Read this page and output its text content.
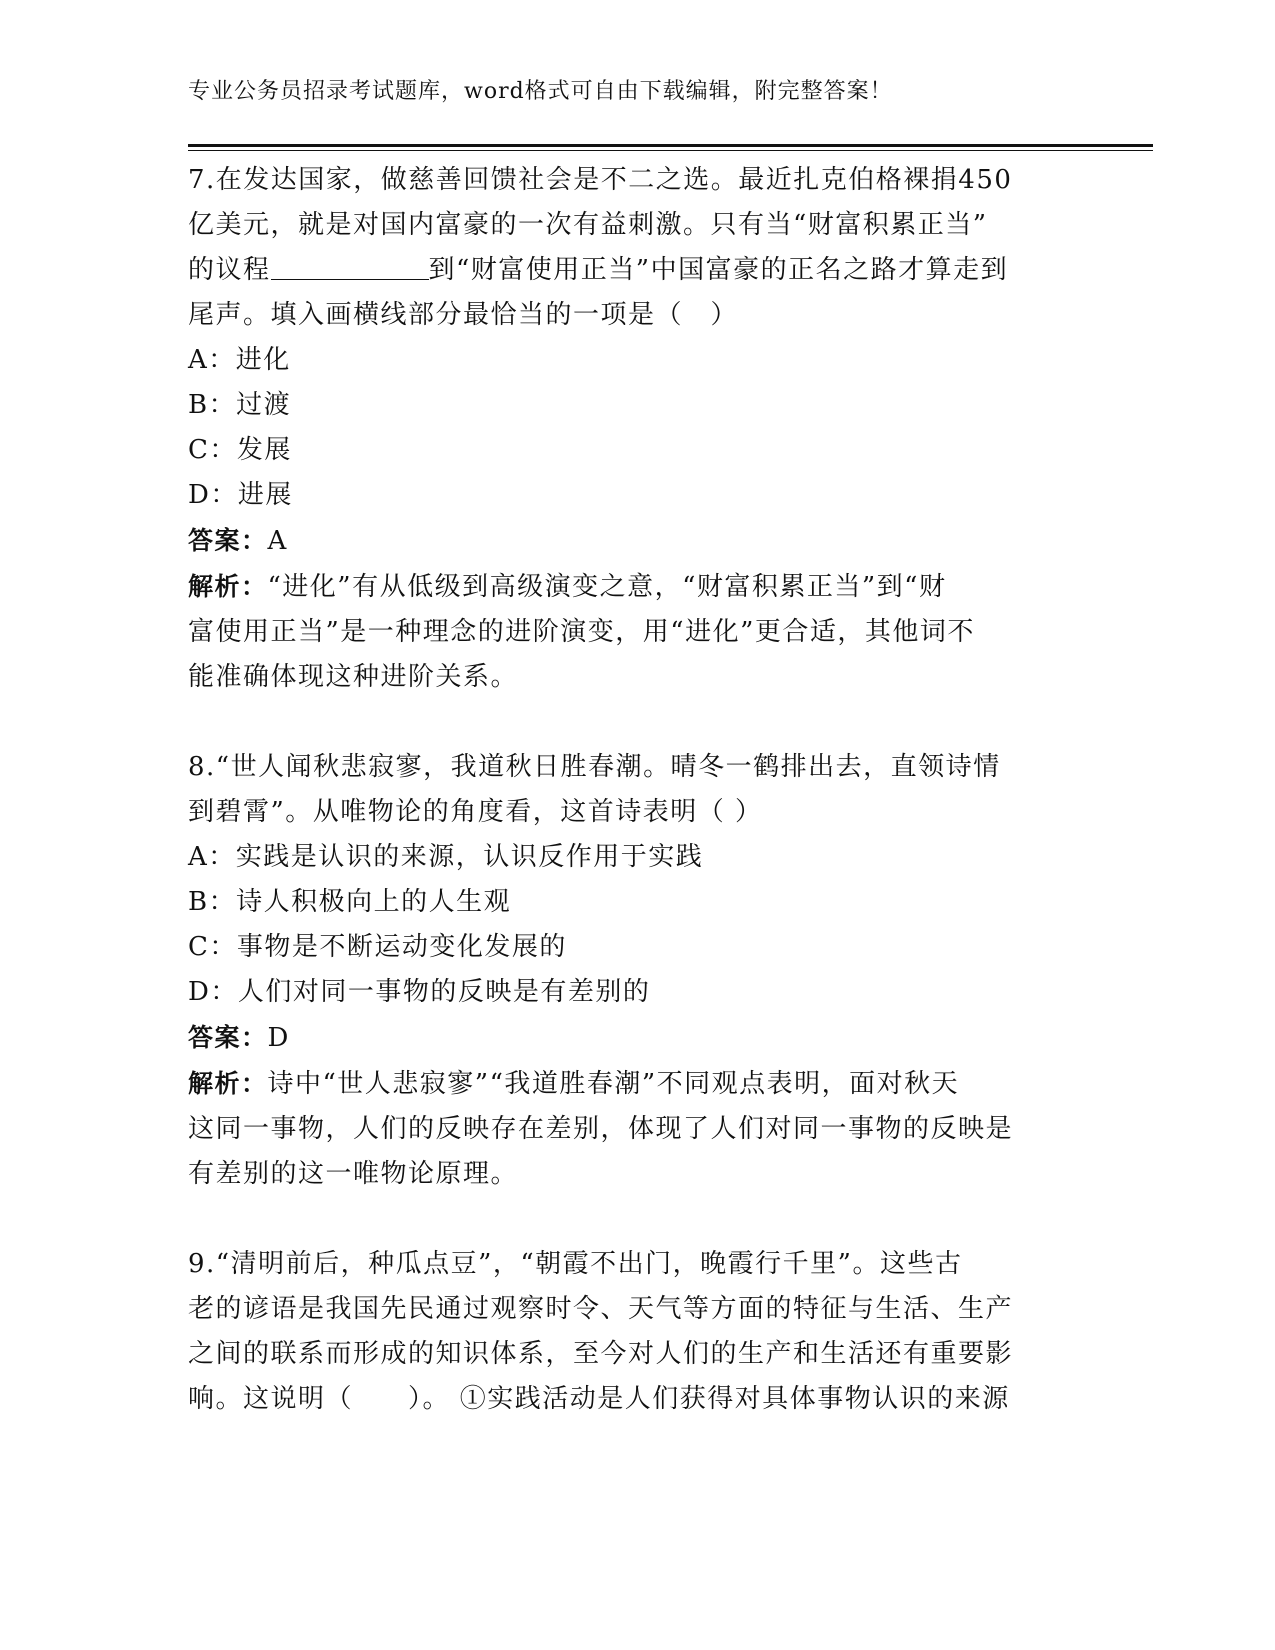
专业公务员招录考试题库，word格式可自由下载编辑，附完整答案！
7.在发达国家，做慈善回馈社会是不二之选。最近扎克伯格裸捐450
亿美元，就是对国内富豪的一次有益刺激。只有当“财富积累正当”
的议程	到“财富使用正当”中国富豪的正名之路才算走到
尾声。填入画横线部分最恰当的一项是（　）
A：进化
B：过渡
C：发展
D：进展
答案：A
解析：“进化”有从低级到高级演变之意，“财富积累正当”到“财
富使用正当”是一种理念的进阶演变，用“进化”更合适，其他词不
能准确体现这种进阶关系。
8.“世人闻秋悲寂寥，我道秋日胜春潮。晴冬一鹤排出去，直领诗情
到碧霄”。从唯物论的角度看，这首诗表明（ ）
A：实践是认识的来源，认识反作用于实践
B：诗人积极向上的人生观
C：事物是不断运动变化发展的
D：人们对同一事物的反映是有差别的
答案：D
解析：诗中“世人悲寂寥”“我道胜春潮”不同观点表明，面对秋天
这同一事物，人们的反映存在差别，体现了人们对同一事物的反映是
有差别的这一唯物论原理。
9.“清明前后，种瓜点豆”，“朝霞不出门，晚霞行千里”。这些古
老的谚语是我国先民通过观察时令、天气等方面的特征与生活、生产
之间的联系而形成的知识体系，至今对人们的生产和生活还有重要影
响。这说明（　　）。 ①实践活动是人们获得对具体事物认识的来源
